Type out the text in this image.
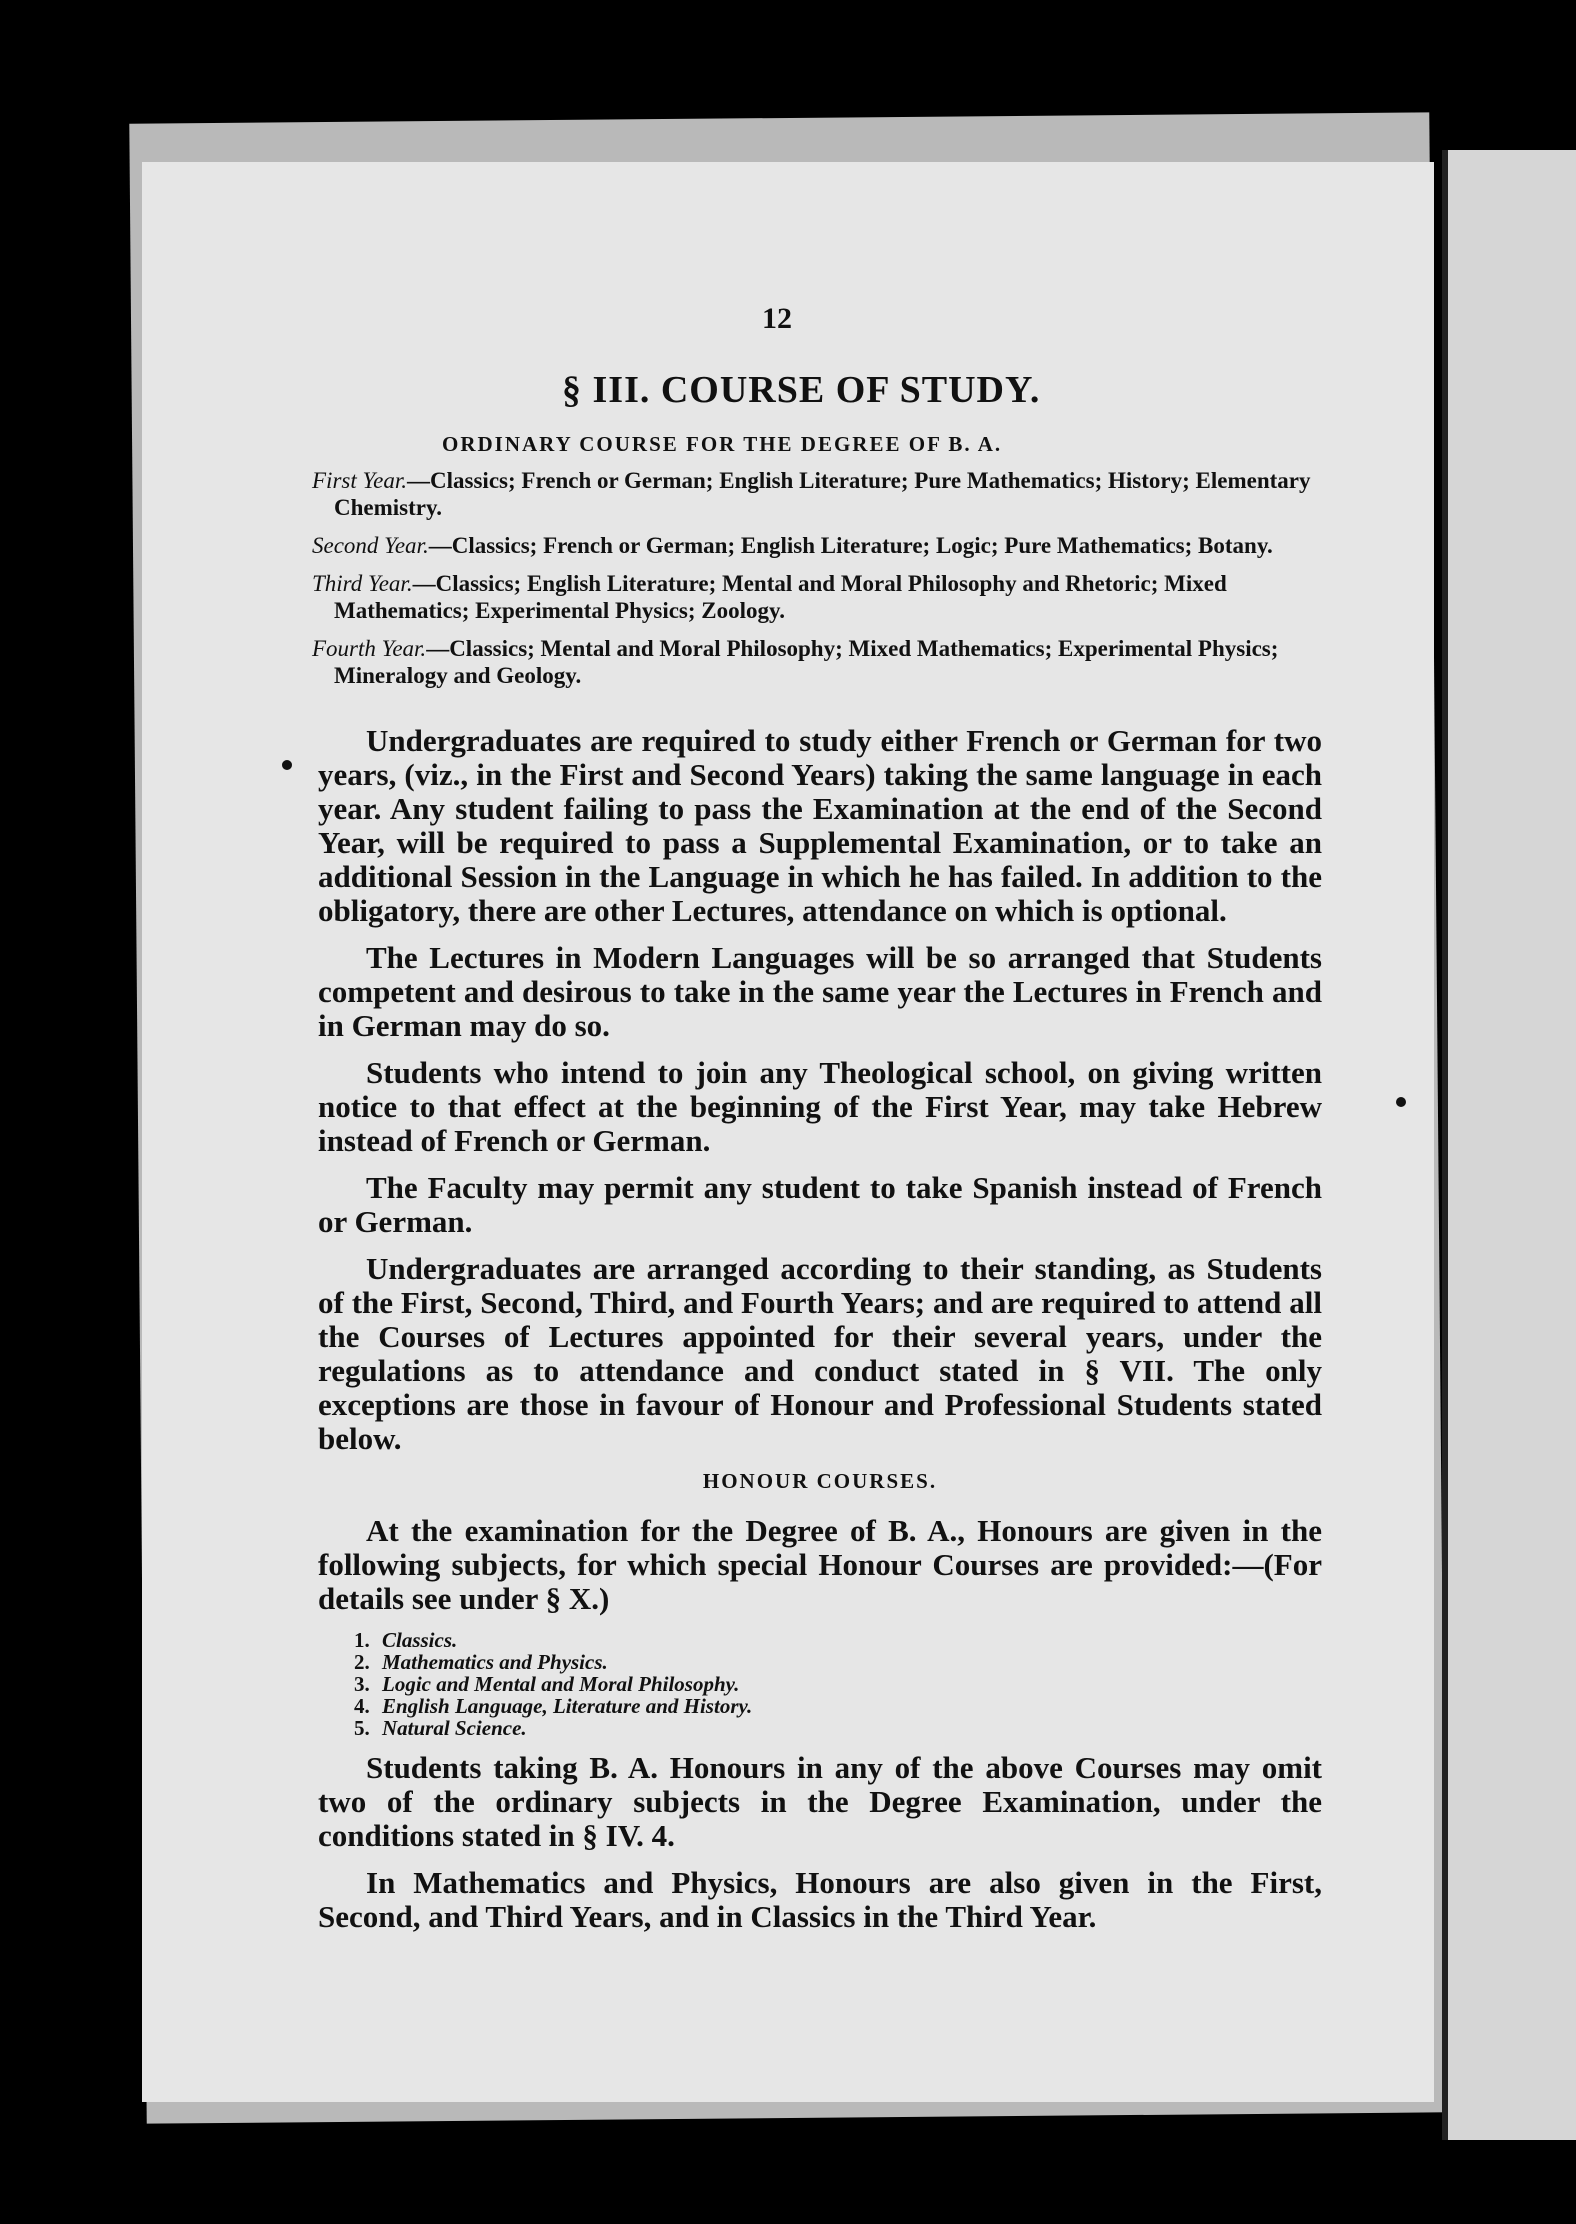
12
§ III. COURSE OF STUDY.
ORDINARY COURSE FOR THE DEGREE OF B. A.
First Year.—Classics; French or German; English Literature; Pure Mathematics; History; Elementary Chemistry.
Second Year.—Classics; French or German; English Literature; Logic; Pure Mathematics; Botany.
Third Year.—Classics; English Literature; Mental and Moral Philosophy and Rhetoric; Mixed Mathematics; Experimental Physics; Zoology.
Fourth Year.—Classics; Mental and Moral Philosophy; Mixed Mathematics; Experimental Physics; Mineralogy and Geology.

Undergraduates are required to study either French or German for two years, (viz., in the First and Second Years) taking the same language in each year. Any student failing to pass the Examination at the end of the Second Year, will be required to pass a Supplemental Examination, or to take an additional Session in the Language in which he has failed. In addition to the obligatory, there are other Lectures, attendance on which is optional.

The Lectures in Modern Languages will be so arranged that Students competent and desirous to take in the same year the Lectures in French and in German may do so.

Students who intend to join any Theological school, on giving written notice to that effect at the beginning of the First Year, may take Hebrew instead of French or German.

The Faculty may permit any student to take Spanish instead of French or German.

Undergraduates are arranged according to their standing, as Students of the First, Second, Third, and Fourth Years; and are required to attend all the Courses of Lectures appointed for their several years, under the regulations as to attendance and conduct stated in § VII. The only exceptions are those in favour of Honour and Professional Students stated below.

HONOUR COURSES.

At the examination for the Degree of B. A., Honours are given in the following subjects, for which special Honour Courses are provided:—(For details see under § X.)

1. Classics.
2. Mathematics and Physics.
3. Logic and Mental and Moral Philosophy.
4. English Language, Literature and History.
5. Natural Science.

Students taking B. A. Honours in any of the above Courses may omit two of the ordinary subjects in the Degree Examination, under the conditions stated in § IV. 4.

In Mathematics and Physics, Honours are also given in the First, Second, and Third Years, and in Classics in the Third Year.
